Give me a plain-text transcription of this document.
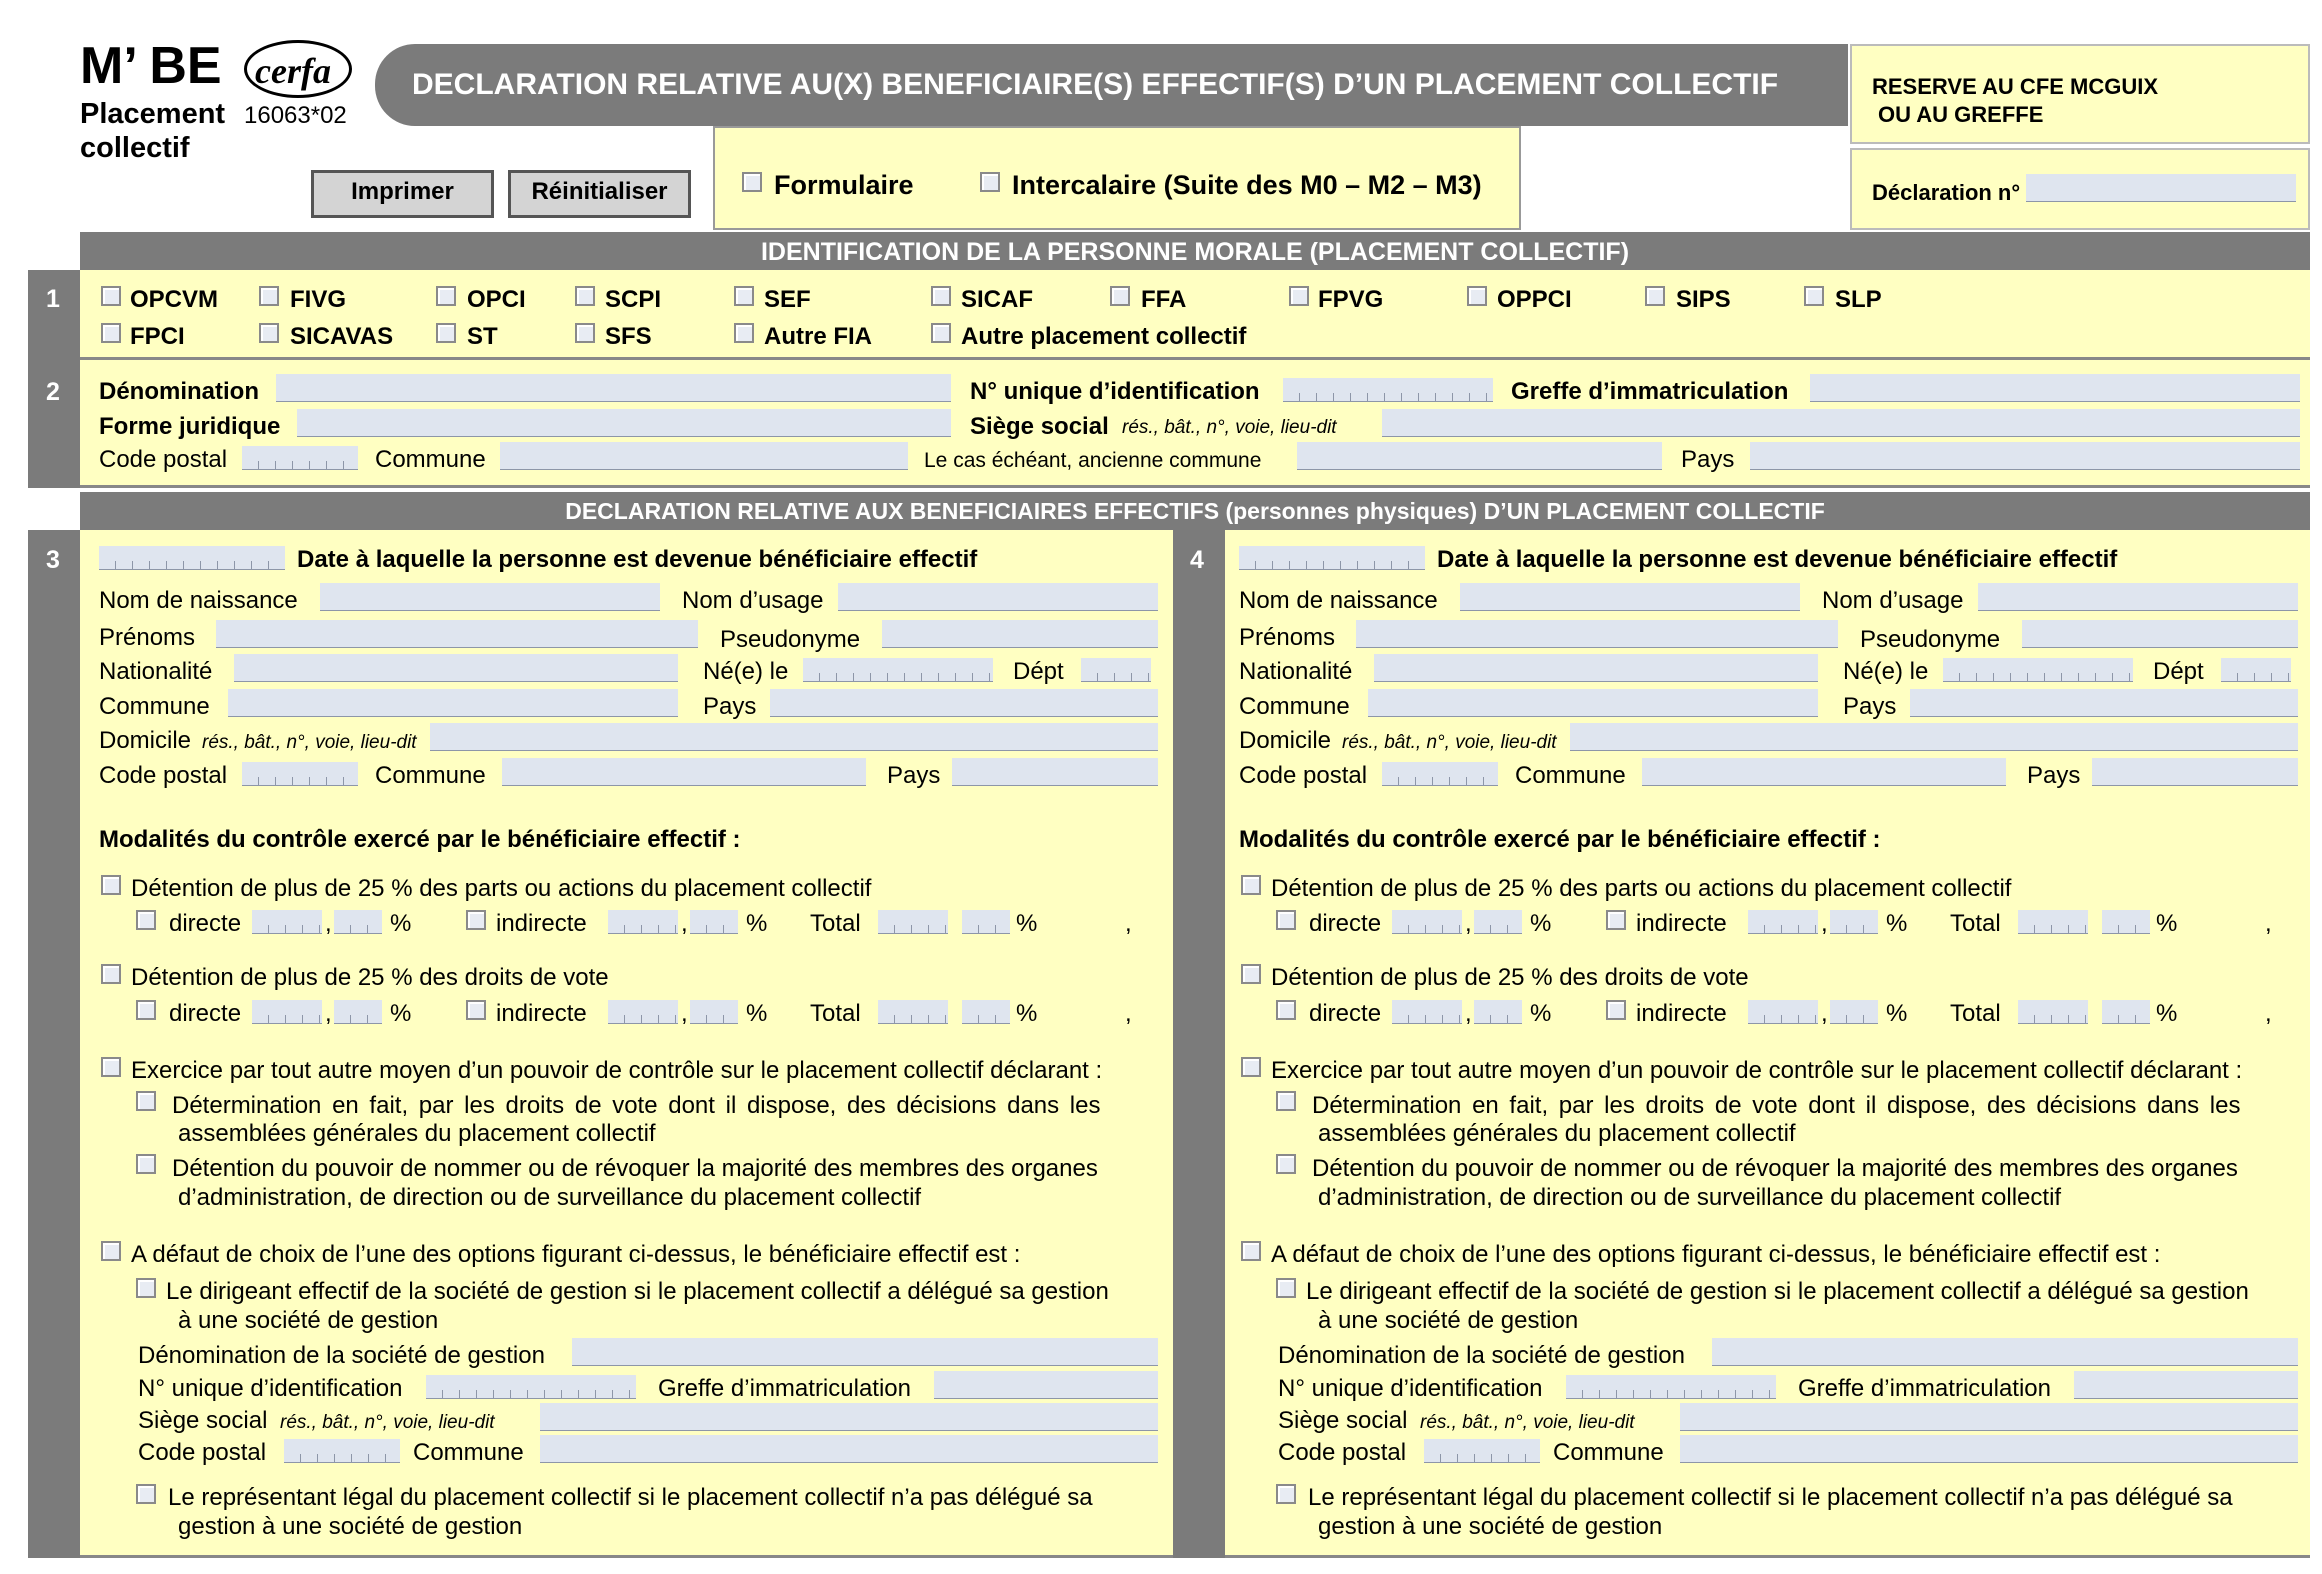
M’ BE
Placement
collectif
cerfa
16063*02
DECLARATION RELATIVE AU(X) BENEFICIAIRE(S) EFFECTIF(S) D’UN PLACEMENT COLLECTIF	RESERVE AU CFE MCGUIX
OU AU GREFFE
Déclaration n°
Imprimer	Réinitialiser	Formulaire	Intercalaire (Suite des M0 – M2 – M3)
IDENTIFICATION DE LA PERSONNE MORALE (PLACEMENT COLLECTIF)
1	OPCVM	FIVG	OPCI	SCPI	SEF	SICAF	FFA	FPVG	OPPCI	SIPS	SLP
FPCI	SICAVAS	ST	SFS	Autre FIA	Autre placement collectif
2 Dénomination	N° unique d’identification	Greffe d’immatriculation
Forme juridique	Siège social rés., bât., n°, voie, lieu-dit
Code postal	Commune	Le cas échéant, ancienne commune	Pays
DECLARATION RELATIVE AUX BENEFICIAIRES EFFECTIFS (personnes physiques) D’UN PLACEMENT COLLECTIF
3	4
Date à laquelle la personne est devenue bénéficiaire effectif
Nom de naissance	Nom d’usage
Prénoms	Pseudonyme
Nationalité	Né(e) le	Dépt
Commune	Pays
Domicile rés., bât., n°, voie, lieu-dit
Code postal	Commune	Pays
Modalités du contrôle exercé par le bénéficiaire effectif :
Détention de plus de 25 % des parts ou actions du placement collectif
directe	, %	indirecte	, % Total	%	,
Détention de plus de 25 % des droits de vote
directe	, %	indirecte	, % Total	%	,
Exercice par tout autre moyen d’un pouvoir de contrôle sur le placement collectif déclarant :
Détermination en fait, par les droits de vote dont il dispose, des décisions dans les
assemblées générales du placement collectif
Détention du pouvoir de nommer ou de révoquer la majorité des membres des organes
d’administration, de direction ou de surveillance du placement collectif
A défaut de choix de l’une des options figurant ci-dessus, le bénéficiaire effectif est :
Le dirigeant effectif de la société de gestion si le placement collectif a délégué sa gestion
à une société de gestion
Dénomination de la société de gestion
N° unique d’identification	Greffe d’immatriculation
Siège social rés., bât., n°, voie, lieu-dit
Code postal	Commune
Le représentant légal du placement collectif si le placement collectif n’a pas délégué sa
gestion à une société de gestion
Date à laquelle la personne est devenue bénéficiaire effectif
Nom de naissance	Nom d’usage
Prénoms	Pseudonyme
Nationalité	Né(e) le	Dépt
Commune	Pays
Domicile rés., bât., n°, voie, lieu-dit
Code postal	Commune	Pays
Modalités du contrôle exercé par le bénéficiaire effectif :
Détention de plus de 25 % des parts ou actions du placement collectif
directe	, %	indirecte	, % Total	%	,
Détention de plus de 25 % des droits de vote
directe	, %	indirecte	, % Total	%	,
Exercice par tout autre moyen d’un pouvoir de contrôle sur le placement collectif déclarant :
Détermination en fait, par les droits de vote dont il dispose, des décisions dans les
assemblées générales du placement collectif
Détention du pouvoir de nommer ou de révoquer la majorité des membres des organes
d’administration, de direction ou de surveillance du placement collectif
A défaut de choix de l’une des options figurant ci-dessus, le bénéficiaire effectif est :
Le dirigeant effectif de la société de gestion si le placement collectif a délégué sa gestion
à une société de gestion
Dénomination de la société de gestion
N° unique d’identification	Greffe d’immatriculation
Siège social rés., bât., n°, voie, lieu-dit
Code postal	Commune
Le représentant légal du placement collectif si le placement collectif n’a pas délégué sa
gestion à une société de gestion
